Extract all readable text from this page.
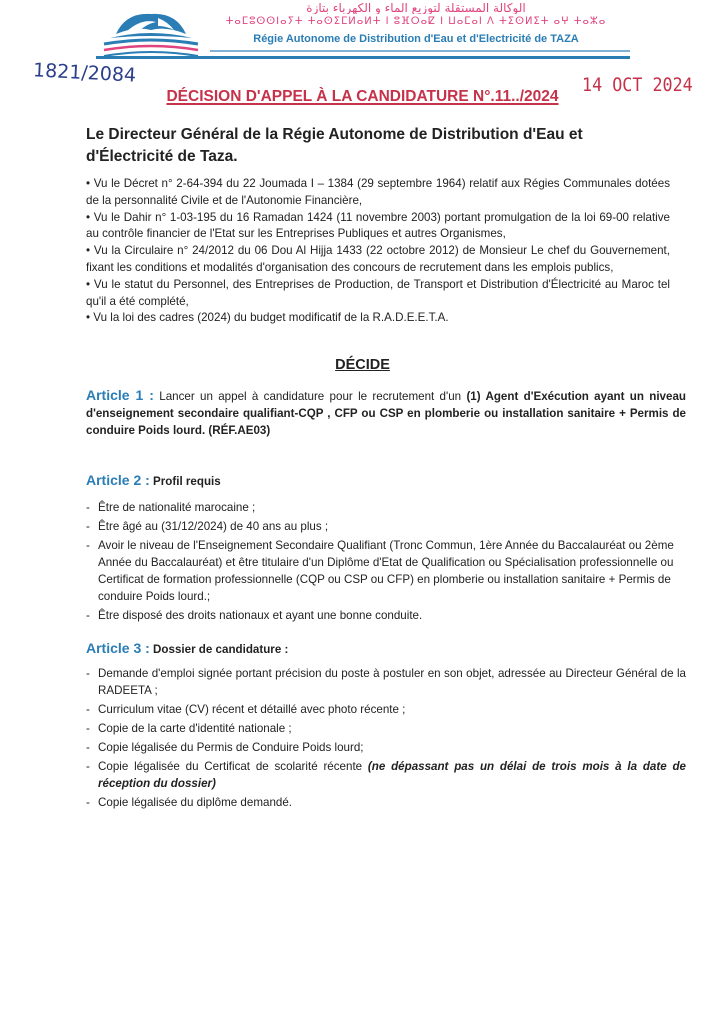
الوكالة المستقلة لتوزيع الماء و الكهرباء بتازة
ⵜⴰⵎⵓⵙⵙⵏⴰⵢⵜ ⵜⴰⵙⵉⵎⵍⴰⵍⵜ ⵏ ⵓⴼⵔⴰⵇ ⵏ ⵡⴰⵎⴰⵏ ⴷ ⵜⵉⵙⵍⵉⵜ ⴰⵖ ⵜⴰⵣⴰ
Régie Autonome de Distribution d'Eau et d'Electricité de TAZA
1821/2084	14 OCT 2024
DÉCISION D'APPEL À LA CANDIDATURE N°.11../2024
Le Directeur Général de la Régie Autonome de Distribution d'Eau et d'Électricité de Taza.

• Vu le Décret n° 2-64-394 du 22 Joumada I – 1384 (29 septembre 1964) relatif aux Régies Communales dotées de la personnalité Civile et de l'Autonomie Financière,

• Vu le Dahir n° 1-03-195 du 16 Ramadan 1424 (11 novembre 2003) portant promulgation de la loi 69-00 relative au contrôle financier de l'Etat sur les Entreprises Publiques et autres Organismes,

• Vu la Circulaire n° 24/2012 du 06 Dou Al Hijja 1433 (22 octobre 2012) de Monsieur Le chef du Gouvernement, fixant les conditions et modalités d'organisation des concours de recrutement dans les emplois publics,

• Vu le statut du Personnel, des Entreprises de Production, de Transport et Distribution d'Électricité au Maroc tel qu'il a été complété,

• Vu la loi des cadres (2024) du budget modificatif de la R.A.D.E.E.T.A.

DÉCIDE
Article 1 : Lancer un appel à candidature pour le recrutement d'un (1) Agent d'Exécution ayant un niveau d'enseignement secondaire qualifiant-CQP , CFP ou CSP en plomberie ou installation sanitaire + Permis de conduire Poids lourd. (RÉF.AE03)
Article 2 : Profil requis
- Être de nationalité marocaine ;
- Être âgé au (31/12/2024) de 40 ans au plus ;
- Avoir le niveau de l'Enseignement Secondaire Qualifiant (Tronc Commun, 1ère Année du Baccalauréat ou 2ème Année du Baccalauréat) et être titulaire d'un Diplôme d'Etat de Qualification ou Spécialisation professionnelle ou Certificat de formation professionnelle (CQP ou CSP ou CFP) en plomberie ou installation sanitaire + Permis de conduire Poids lourd.;
- Être disposé des droits nationaux et ayant une bonne conduite.
Article 3 : Dossier de candidature :
- Demande d'emploi signée portant précision du poste à postuler en son objet, adressée au Directeur Général de la RADEETA ;
- Curriculum vitae (CV) récent et détaillé avec photo récente ;
- Copie de la carte d'identité nationale ;
- Copie légalisée du Permis de Conduire Poids lourd;
- Copie légalisée du Certificat de scolarité récente (ne dépassant pas un délai de trois mois à la date de réception du dossier)
- Copie légalisée du diplôme demandé.
